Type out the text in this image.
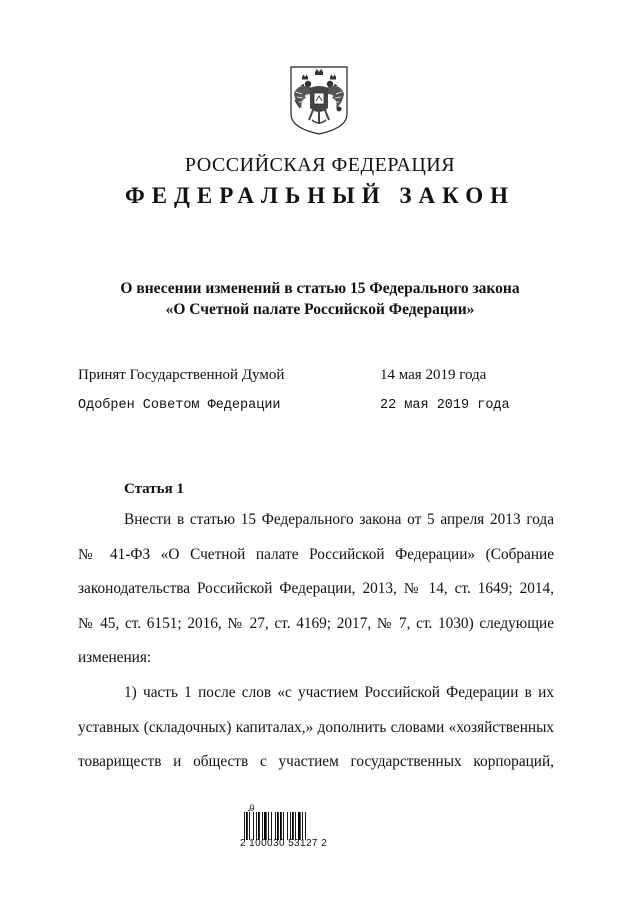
РОССИЙСКАЯ ФЕДЕРАЦИЯ
ФЕДЕРАЛЬНЫЙ ЗАКОН
О внесении изменений в статью 15 Федерального закона
«О Счетной палате Российской Федерации»
Принят Государственной Думой	14 мая 2019 года
Одобрен Советом Федерации	22 мая 2019 года
Статья 1
Внести в статью 15 Федерального закона от 5 апреля 2013 года
№ 41-ФЗ «О Счетной палате Российской Федерации» (Собрание
законодательства Российской Федерации, 2013, № 14, ст. 1649; 2014,
№ 45, ст. 6151; 2016, № 27, ст. 4169; 2017, № 7, ст. 1030) следующие
изменения:
1) часть 1 после слов «с участием Российской Федерации в их
уставных (складочных) капиталах,» дополнить словами «хозяйственных
товариществ и обществ с участием государственных корпораций,
Ꭿ
2 100030 53127 2
